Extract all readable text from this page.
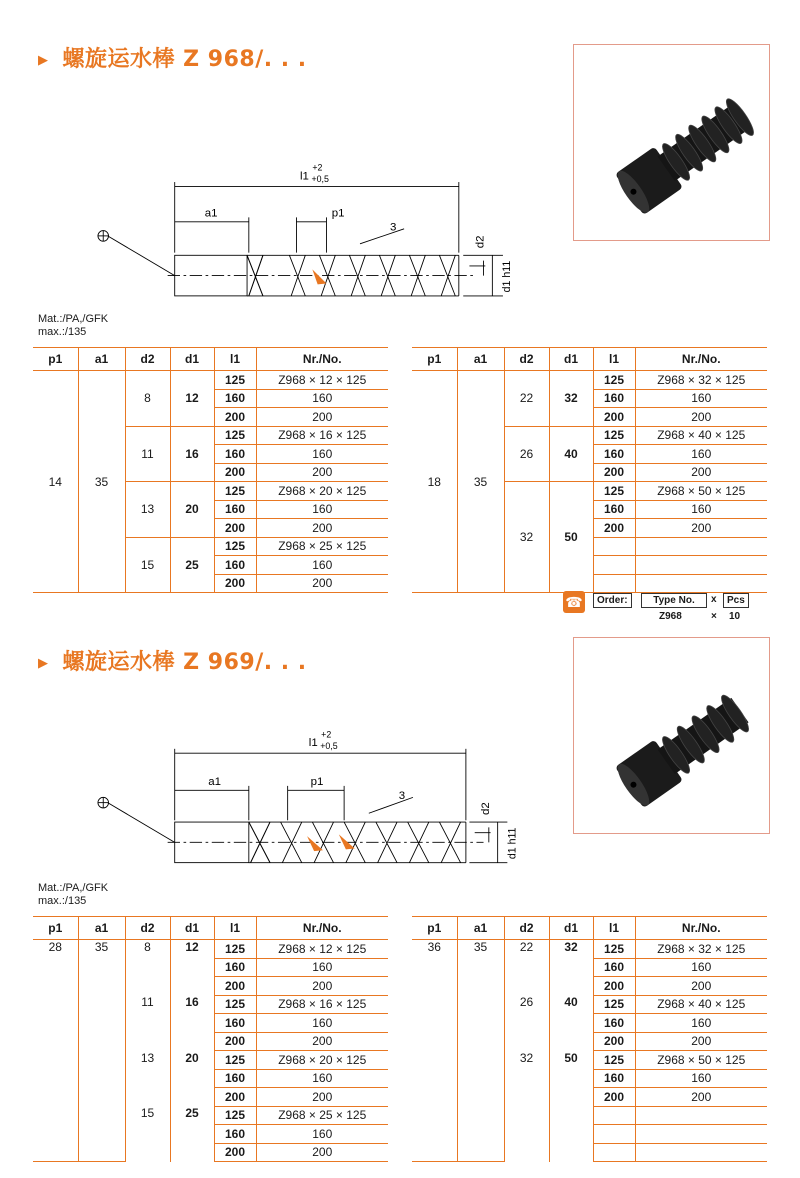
▶ 螺旋运水棒 Z 968/. . .
l1
+2
+0,5
a1	p1
3
d2
d1 h11
Mat.:/PA,/GFK
max.:/135
p1	a1	d2	d1	l1	Nr./No.
14	35	8	12	125	Z968 × 12 × 125
				160	160
				200	200
		11	16	125	Z968 × 16 × 125
				160	160
				200	200
		13	20	125	Z968 × 20 × 125
				160	160
				200	200
		15	25	125	Z968 × 25 × 125
				160	160
				200	200
p1	a1	d2	d1	l1	Nr./No.
18	35	22	32	125	Z968 × 32 × 125
				160	160
				200	200
		26	40	125	Z968 × 40 × 125
				160	160
				200	200
		32	50	125	Z968 × 50 × 125
				160	160
				200	200

☎	Order:	Type No.	x	Pcs
Z968	× 10
▶ 螺旋运水棒 Z 969/. . .
l1
+2
+0,5
a1	p1
3
d2
d1 h11
Mat.:/PA,/GFK
max.:/135
p1	a1	d2	d1	l1	Nr./No.
28	35	8	12	125	Z968 × 12 × 125
				160	160
				200	200
		11	16	125	Z968 × 16 × 125
				160	160
				200	200
		13	20	125	Z968 × 20 × 125
				160	160
				200	200
		15	25	125	Z968 × 25 × 125
				160	160
				200	200
p1	a1	d2	d1	l1	Nr./No.
36	35	22	32	125	Z968 × 32 × 125
				160	160
				200	200
		26	40	125	Z968 × 40 × 125
				160	160
				200	200
		32	50	125	Z968 × 50 × 125
				160	160
				200	200
